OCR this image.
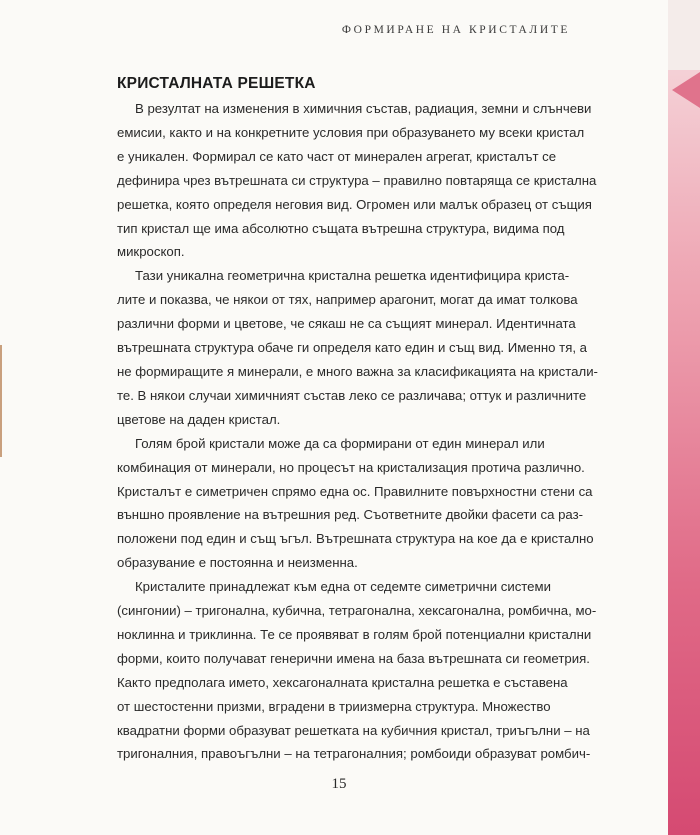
ФОРМИРАНЕ НА КРИСТАЛИТЕ
КРИСТАЛНАТА РЕШЕТКА

В резултат на изменения в химичния състав, радиация, земни и слънчеви
емисии, както и на конкретните условия при образуването му всеки кристал
е уникален. Формирал се като част от минерален агрегат, кристалът се
дефинира чрез вътрешната си структура – правилно повтаряща се кристална
решетка, която определя неговия вид. Огромен или малък образец от същия
тип кристал ще има абсолютно същата вътрешна структура, видима под
микроскоп.

Тази уникална геометрична кристална решетка идентифицира криста-
лите и показва, че някои от тях, например арагонит, могат да имат толкова
различни форми и цветове, че сякаш не са същият минерал. Идентичната
вътрешната структура обаче ги определя като един и същ вид. Именно тя, а
не формиращите я минерали, е много важна за класификацията на кристали-
те. В някои случаи химичният състав леко се различава; оттук и различните
цветове на даден кристал.

Голям брой кристали може да са формирани от един минерал или
комбинация от минерали, но процесът на кристализация протича различно.
Кристалът е симетричен спрямо една ос. Правилните повърхностни стени са
външно проявление на вътрешния ред. Съответните двойки фасети са раз-
положени под един и същ ъгъл. Вътрешната структура на кое да е кристално
образувание е постоянна и неизменна.

Кристалите принадлежат към една от седемте симетрични системи
(сингонии) – тригонална, кубична, тетрагонална, хексагонална, ромбична, мо-
ноклинна и триклинна. Те се проявяват в голям брой потенциални кристални
форми, които получават генерични имена на база вътрешната си геометрия.
Както предполага името, хексагоналната кристална решетка е съставена
от шестостенни призми, вградени в триизмерна структура. Множество
квадратни форми образуват решетката на кубичния кристал, триъгълни – на
тригоналния, правоъгълни – на тетрагоналния; ромбоиди образуват ромбич-

15
